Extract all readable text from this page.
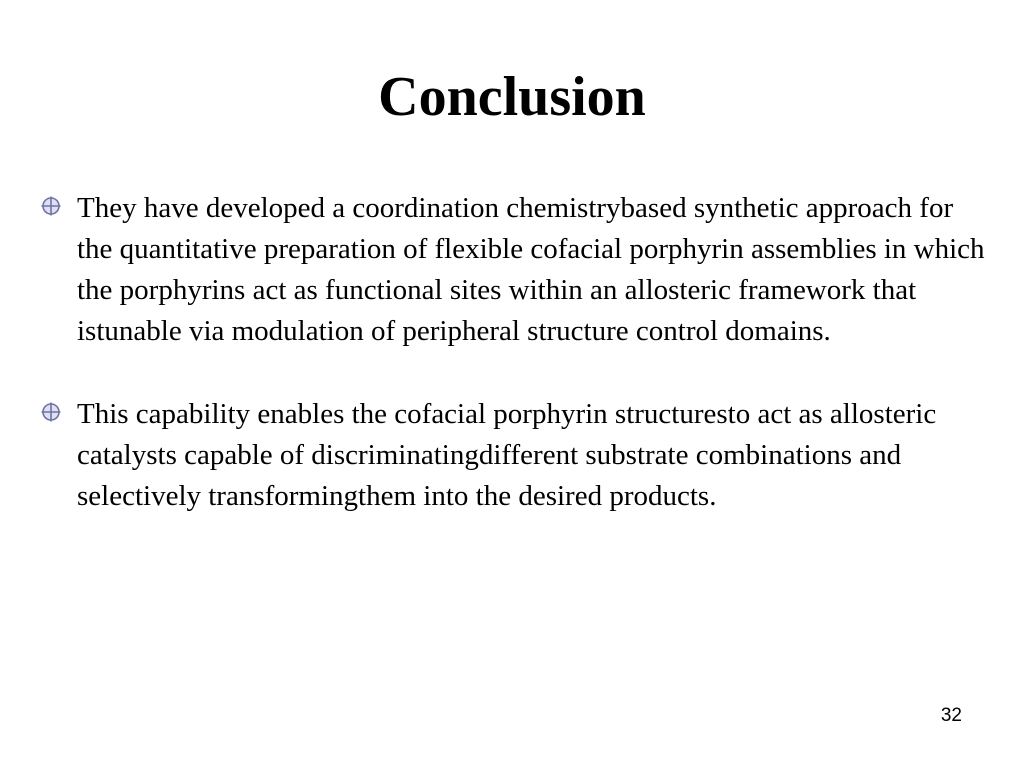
Conclusion
They have developed a coordination chemistrybased synthetic approach for the quantitative preparation of flexible cofacial porphyrin assemblies in which the porphyrins act as functional sites within an allosteric framework that istunable via modulation of peripheral structure control domains.
This capability enables the cofacial porphyrin structuresto act as allosteric catalysts capable of discriminatingdifferent substrate combinations and selectively transformingthem into the desired products.
32
